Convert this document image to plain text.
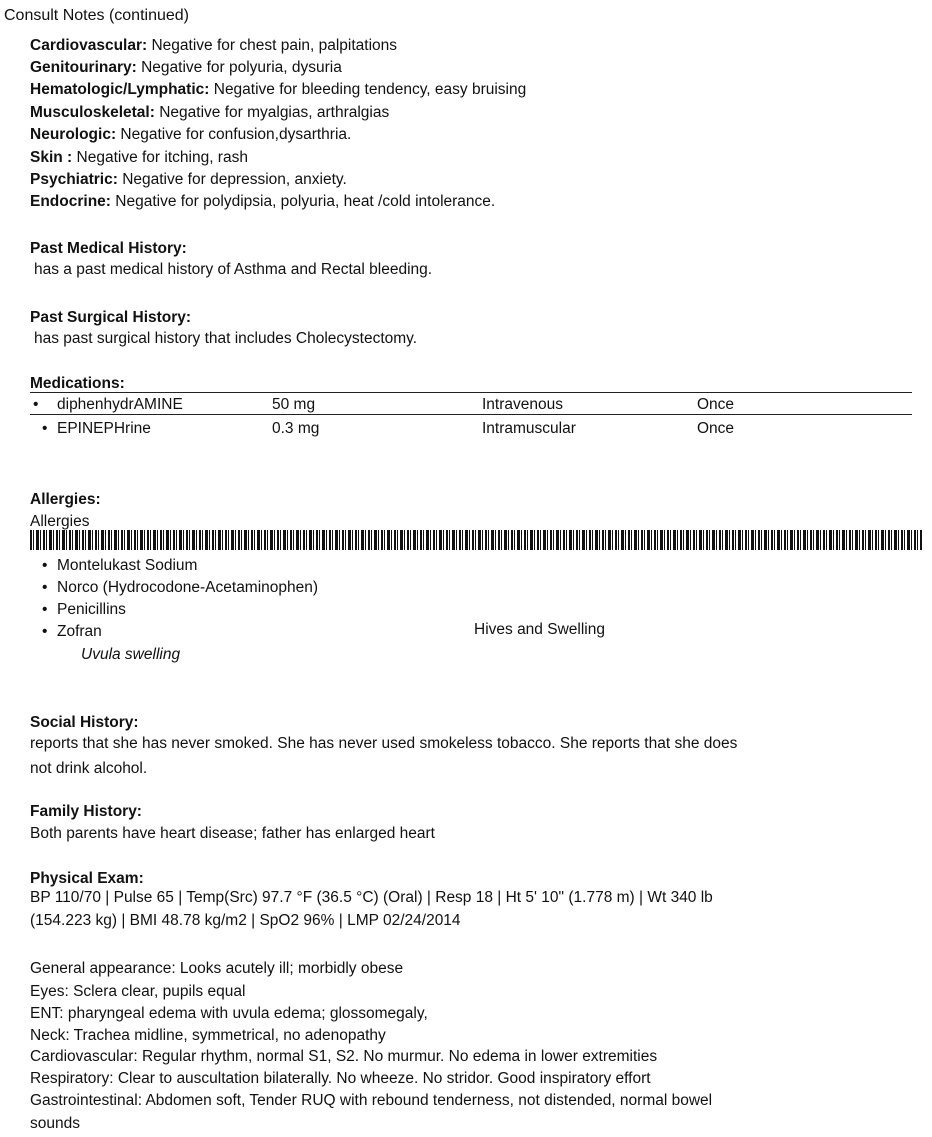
Consult Notes (continued)
Cardiovascular: Negative for chest pain, palpitations
Genitourinary: Negative for polyuria, dysuria
Hematologic/Lymphatic: Negative for bleeding tendency, easy bruising
Musculoskeletal: Negative for myalgias, arthralgias
Neurologic: Negative for confusion,dysarthria.
Skin : Negative for itching, rash
Psychiatric: Negative for depression, anxiety.
Endocrine: Negative for polydipsia, polyuria, heat /cold intolerance.
Past Medical History:
has a past medical history of Asthma and Rectal bleeding.
Past Surgical History:
has past surgical history that includes Cholecystectomy.
Medications:
• diphenhydrAMINE	50 mg	Intravenous	Once
• EPINEPHrine	0.3 mg	Intramuscular	Once
Allergies:
Allergies
• Montelukast Sodium
• Norco (Hydrocodone-Acetaminophen)
• Penicillins
• Zofran	Hives and Swelling
Uvula swelling
Social History:
reports that she has never smoked. She has never used smokeless tobacco. She reports that she does
not drink alcohol.
Family History:
Both parents have heart disease; father has enlarged heart
Physical Exam:
BP 110/70 | Pulse 65 | Temp(Src) 97.7 °F (36.5 °C) (Oral) | Resp 18 | Ht 5' 10" (1.778 m) | Wt 340 lb
(154.223 kg) | BMI 48.78 kg/m2 | SpO2 96% | LMP 02/24/2014
General appearance: Looks acutely ill; morbidly obese
Eyes: Sclera clear, pupils equal
ENT: pharyngeal edema with uvula edema; glossomegaly,
Neck: Trachea midline, symmetrical, no adenopathy
Cardiovascular: Regular rhythm, normal S1, S2. No murmur. No edema in lower extremities
Respiratory: Clear to auscultation bilaterally. No wheeze. No stridor. Good inspiratory effort
Gastrointestinal: Abdomen soft, Tender RUQ with rebound tenderness, not distended, normal bowel
sounds
